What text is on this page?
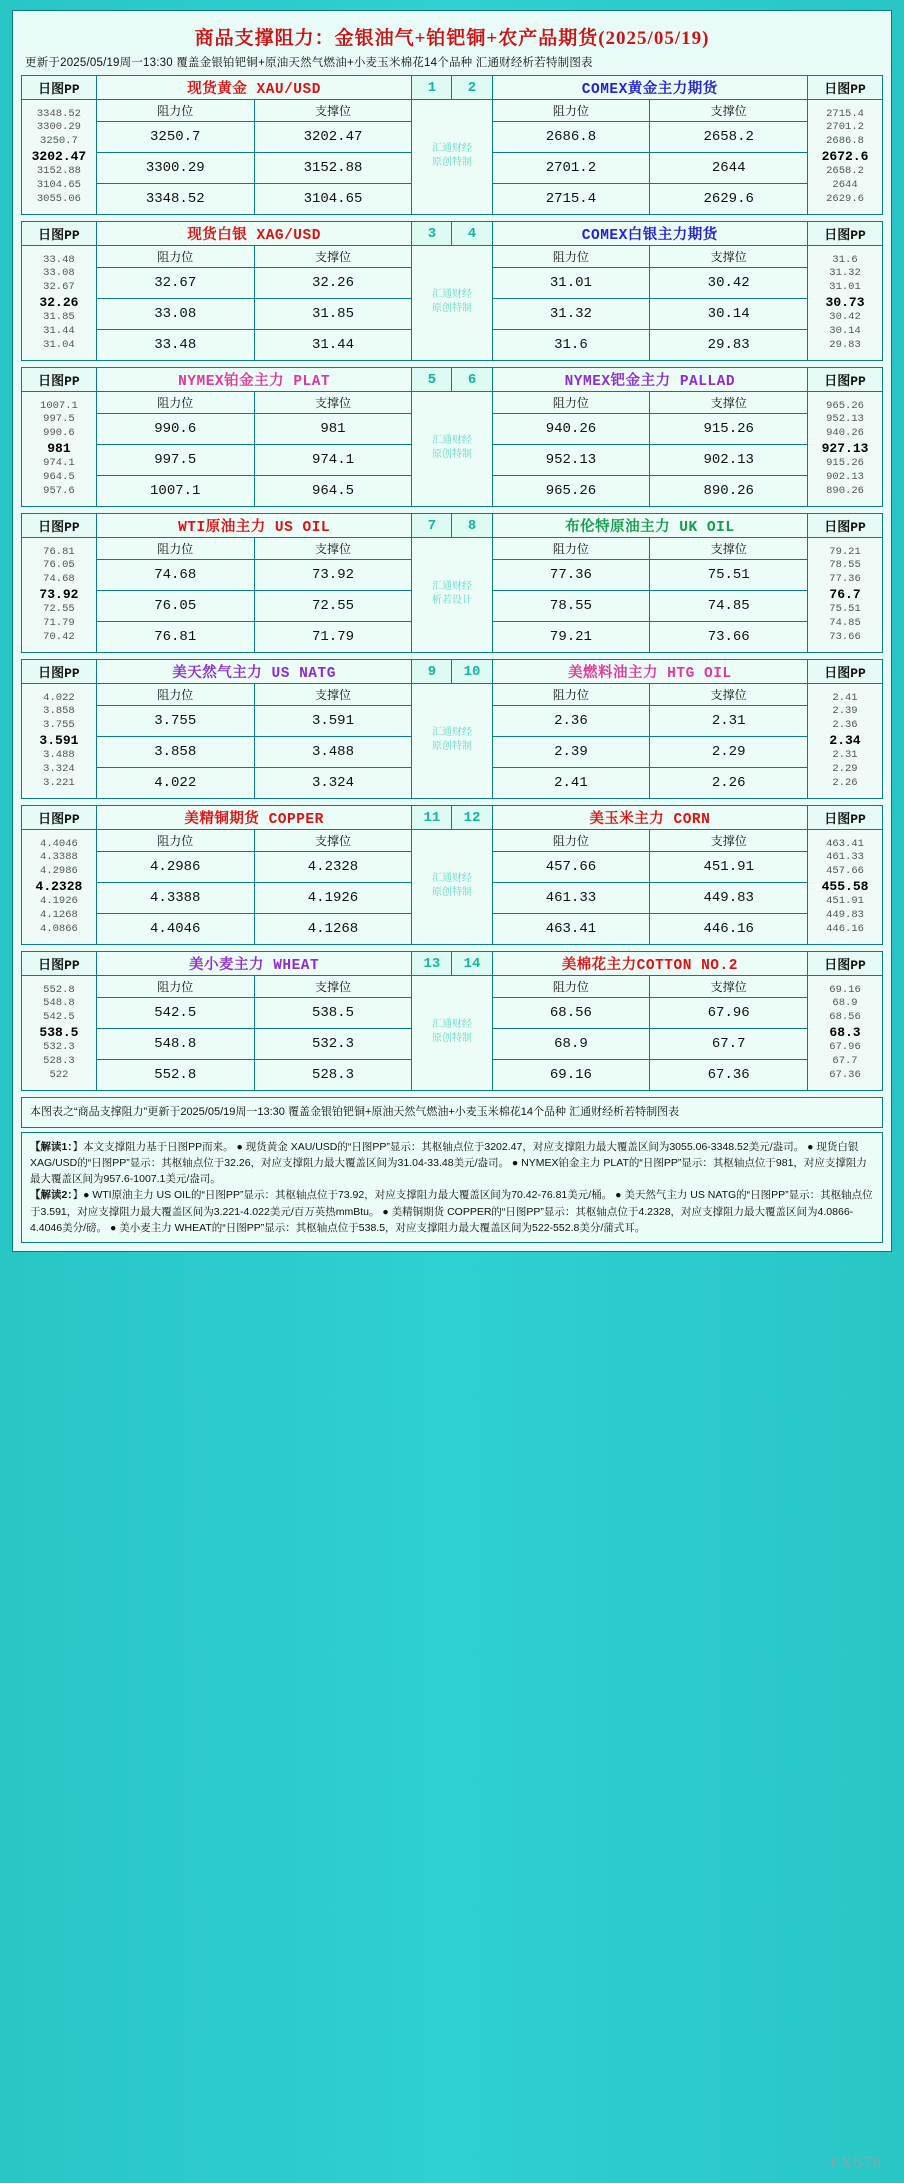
商品支撑阻力：金银油气+铂钯铜+农产品期货(2025/05/19)
更新于2025/05/19周一13:30 覆盖金银铂钯铜+原油天然气燃油+小麦玉米棉花14个品种 汇通财经析若特制图表
日图PP	现货黄金 XAU/USD		1	2	COMEX黄金主力期货		日图PP

3348.52
3300.29
3250.7
3202.47
3152.88
3104.65
3055.06
	阻力位	支撑位	
汇通财经
原创特制
	阻力位	支撑位	2715.4
2701.2
2686.8
2672.6
2658.2
2644
2629.6

	3250.7	3202.47			2686.8	2658.2	
	3300.29	3152.88			2701.2	2644	
	3348.52	3104.65			2715.4	2629.6	
日图PP	现货白银 XAG/USD		3	4	COMEX白银主力期货		日图PP

33.48
33.08
32.67
32.26
31.85
31.44
31.04
	阻力位	支撑位	
汇通财经
原创特制
	阻力位	支撑位	31.6
31.32
31.01
30.73
30.42
30.14
29.83

	32.67	32.26			31.01	30.42	
	33.08	31.85			31.32	30.14	
	33.48	31.44			31.6	29.83	
日图PP	NYMEX铂金主力 PLAT		5	6	NYMEX钯金主力 PALLAD		日图PP

1007.1
997.5
990.6
981
974.1
964.5
957.6
	阻力位	支撑位	
汇通财经
原创特制
	阻力位	支撑位	965.26
952.13
940.26
927.13
915.26
902.13
890.26

	990.6	981			940.26	915.26	
	997.5	974.1			952.13	902.13	
	1007.1	964.5			965.26	890.26	
日图PP	WTI原油主力 US OIL		7	8	布伦特原油主力 UK OIL		日图PP

76.81
76.05
74.68
73.92
72.55
71.79
70.42
	阻力位	支撑位	
汇通财经
析若设计
	阻力位	支撑位	79.21
78.55
77.36
76.7
75.51
74.85
73.66

	74.68	73.92			77.36	75.51	
	76.05	72.55			78.55	74.85	
	76.81	71.79			79.21	73.66	
日图PP	美天然气主力 US NATG		9	10	美燃料油主力 HTG OIL		日图PP

4.022
3.858
3.755
3.591
3.488
3.324
3.221
	阻力位	支撑位	
汇通财经
原创特制
	阻力位	支撑位	2.41
2.39
2.36
2.34
2.31
2.29
2.26

	3.755	3.591			2.36	2.31	
	3.858	3.488			2.39	2.29	
	4.022	3.324			2.41	2.26	
日图PP	美精铜期货 COPPER		11	12	美玉米主力 CORN		日图PP

4.4046
4.3388
4.2986
4.2328
4.1926
4.1268
4.0866
	阻力位	支撑位	
汇通财经
原创特制
	阻力位	支撑位	463.41
461.33
457.66
455.58
451.91
449.83
446.16

	4.2986	4.2328			457.66	451.91	
	4.3388	4.1926			461.33	449.83	
	4.4046	4.1268			463.41	446.16	
日图PP	美小麦主力 WHEAT		13	14	美棉花主力COTTON NO.2		日图PP

552.8
548.8
542.5
538.5
532.3
528.3
522
	阻力位	支撑位	
汇通财经
原创特制
	阻力位	支撑位	69.16
68.9
68.56
68.3
67.96
67.7
67.36

	542.5	538.5			68.56	67.96	
	548.8	532.3			68.9	67.7	
	552.8	528.3			69.16	67.36	
本图表之“商品支撑阻力”更新于2025/05/19周一13:30 覆盖金银铂钯铜+原油天然气燃油+小麦玉米棉花14个品种 汇通财经析若特制图表
【解读1：】本文支撑阻力基于日图PP而来。 ● 现货黄金 XAU/USD的“日图PP”显示：其枢轴点位于3202.47，对应支撑阻力最大覆盖区间为3055.06-3348.52美元/盎司。 ● 现货白银 XAG/USD的“日图PP”显示：其枢轴点位于32.26，对应支撑阻力最大覆盖区间为31.04-33.48美元/盎司。 ● NYMEX铂金主力 PLAT的“日图PP”显示：其枢轴点位于981，对应支撑阻力最大覆盖区间为957.6-1007.1美元/盎司。
【解读2：】● WTI原油主力 US OIL的“日图PP”显示：其枢轴点位于73.92，对应支撑阻力最大覆盖区间为70.42-76.81美元/桶。 ● 美天然气主力 US NATG的“日图PP”显示：其枢轴点位于3.591，对应支撑阻力最大覆盖区间为3.221-4.022美元/百万英热mmBtu。 ● 美精铜期货 COPPER的“日图PP”显示：其枢轴点位于4.2328，对应支撑阻力最大覆盖区间为4.0866-4.4046美分/磅。 ● 美小麦主力 WHEAT的“日图PP”显示：其枢轴点位于538.5，对应支撑阻力最大覆盖区间为522-552.8美分/蒲式耳。
FX678
